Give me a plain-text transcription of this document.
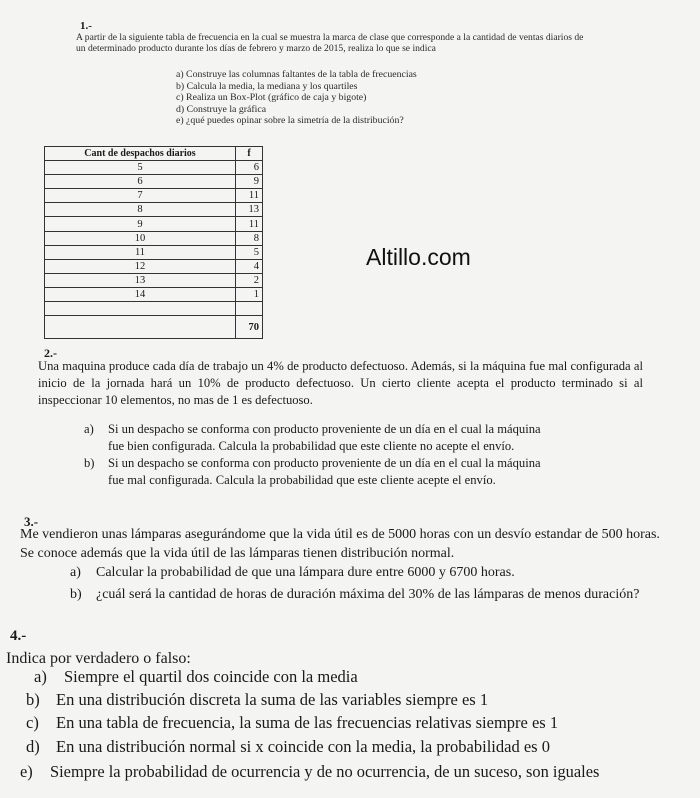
1.-
A partir de la siguiente tabla de frecuencia en la cual se muestra la marca de clase que corresponde a la cantidad de ventas diarios de un determinado producto durante los días de febrero y marzo de 2015, realiza lo que se indica
a) Construye las columnas faltantes de la tabla de frecuencias
b) Calcula la media, la mediana y los quartiles
c) Realiza un Box-Plot (gráfico de caja y bigote)
d) Construye la gráfica
e) ¿qué puedes opinar sobre la simetría de la distribución?
Cant de despachos diarios	f
5	6
6	9
7	11
8	13
9	11
10	8
11	5
12	4
13	2
14	1

	70
Altillo.com
2.-
Una maquina produce cada día de trabajo un 4% de producto defectuoso. Además, si la máquina fue mal configurada al inicio de la jornada hará un 10% de producto defectuoso. Un cierto cliente acepta el producto terminado si al inspeccionar 10 elementos, no mas de 1 es defectuoso.
a) Si un despacho se conforma con producto proveniente de un día en el cual la máquina
fue bien configurada. Calcula la probabilidad que este cliente no acepte el envío.
b) Si un despacho se conforma con producto proveniente de un día en el cual la máquina
fue mal configurada. Calcula la probabilidad que este cliente acepte el envío.
3.-
Me vendieron unas lámparas asegurándome que la vida útil es de 5000 horas con un desvío estandar de 500 horas. Se conoce además que la vida útil de las lámparas tienen distribución normal.
a) Calcular la probabilidad de que una lámpara dure entre 6000 y 6700 horas.
b) ¿cuál será la cantidad de horas de duración máxima del 30% de las lámparas de menos duración?
4.-
Indica por verdadero o falso:
a) Siempre el quartil dos coincide con la media
b) En una distribución discreta la suma de las variables siempre es 1
c) En una tabla de frecuencia, la suma de las frecuencias relativas siempre es 1
d) En una distribución normal si x coincide con la media, la probabilidad es 0
e) Siempre la probabilidad de ocurrencia y de no ocurrencia, de un suceso, son iguales
